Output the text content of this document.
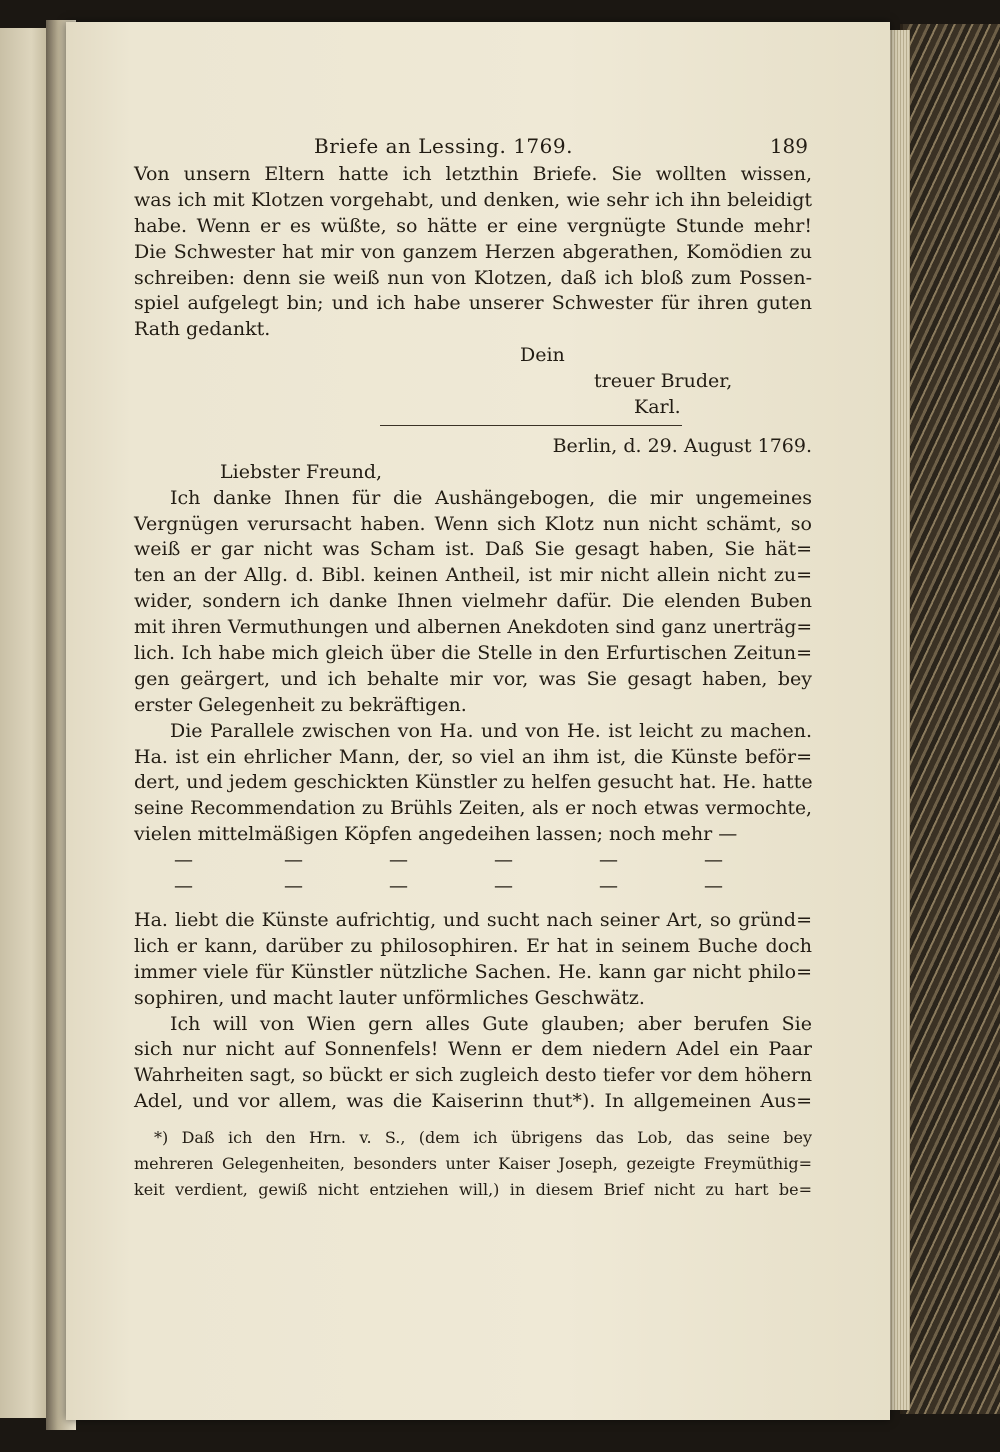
Briefe an Lessing. 1769.	189
Von unsern Eltern hatte ich letzthin Briefe. Sie wollten wissen,
was ich mit Klotzen vorgehabt, und denken, wie sehr ich ihn beleidigt
habe. Wenn er es wüßte, so hätte er eine vergnügte Stunde mehr!
Die Schwester hat mir von ganzem Herzen abgerathen, Komödien zu
schreiben: denn sie weiß nun von Klotzen, daß ich bloß zum Possen-
spiel aufgelegt bin; und ich habe unserer Schwester für ihren guten
Rath gedankt.
Dein
treuer Bruder,
Karl.
Berlin, d. 29. August 1769.
Liebster Freund,
Ich danke Ihnen für die Aushängebogen, die mir ungemeines
Vergnügen verursacht haben. Wenn sich Klotz nun nicht schämt, so
weiß er gar nicht was Scham ist. Daß Sie gesagt haben, Sie hät=
ten an der Allg. d. Bibl. keinen Antheil, ist mir nicht allein nicht zu=
wider, sondern ich danke Ihnen vielmehr dafür. Die elenden Buben
mit ihren Vermuthungen und albernen Anekdoten sind ganz unerträg=
lich. Ich habe mich gleich über die Stelle in den Erfurtischen Zeitun=
gen geärgert, und ich behalte mir vor, was Sie gesagt haben, bey
erster Gelegenheit zu bekräftigen.
Die Parallele zwischen von Ha. und von He. ist leicht zu machen.
Ha. ist ein ehrlicher Mann, der, so viel an ihm ist, die Künste beför=
dert, und jedem geschickten Künstler zu helfen gesucht hat. He. hatte
seine Recommendation zu Brühls Zeiten, als er noch etwas vermochte,
vielen mittelmäßigen Köpfen angedeihen lassen; noch mehr —
—	—	—	—	—	—
—	—	—	—	—	—
Ha. liebt die Künste aufrichtig, und sucht nach seiner Art, so gründ=
lich er kann, darüber zu philosophiren. Er hat in seinem Buche doch
immer viele für Künstler nützliche Sachen. He. kann gar nicht philo=
sophiren, und macht lauter unförmliches Geschwätz.
Ich will von Wien gern alles Gute glauben; aber berufen Sie
sich nur nicht auf Sonnenfels! Wenn er dem niedern Adel ein Paar
Wahrheiten sagt, so bückt er sich zugleich desto tiefer vor dem höhern
Adel, und vor allem, was die Kaiserinn thut*). In allgemeinen Aus=
*) Daß ich den Hrn. v. S., (dem ich übrigens das Lob, das seine bey
mehreren Gelegenheiten, besonders unter Kaiser Joseph, gezeigte Freymüthig=
keit verdient, gewiß nicht entziehen will,) in diesem Brief nicht zu hart be=
